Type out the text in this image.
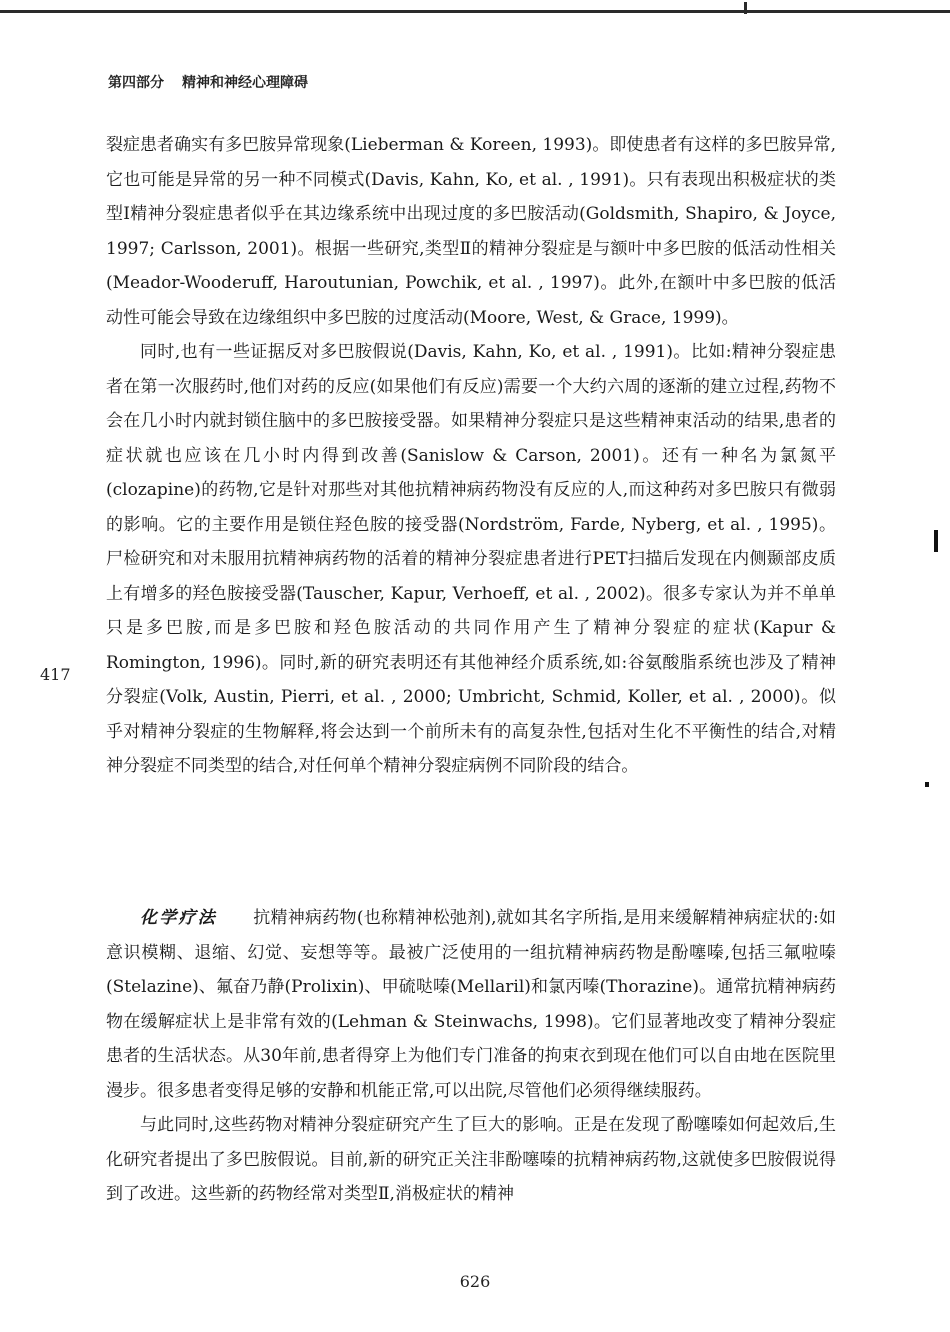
第四部分 精神和神经心理障碍

裂症患者确实有多巴胺异常现象(Lieberman & Koreen, 1993)。即使患者有这样的多巴胺异常,它也可能是异常的另一种不同模式(Davis, Kahn, Ko, et al. , 1991)。只有表现出积极症状的类型Ⅰ精神分裂症患者似乎在其边缘系统中出现过度的多巴胺活动(Goldsmith, Shapiro, & Joyce, 1997; Carlsson, 2001)。根据一些研究,类型Ⅱ的精神分裂症是与额叶中多巴胺的低活动性相关(Meador-Wooderuff, Haroutunian, Powchik, et al. , 1997)。此外,在额叶中多巴胺的低活动性可能会导致在边缘组织中多巴胺的过度活动(Moore, West, & Grace, 1999)。

同时,也有一些证据反对多巴胺假说(Davis, Kahn, Ko, et al. , 1991)。比如:精神分裂症患者在第一次服药时,他们对药的反应(如果他们有反应)需要一个大约六周的逐渐的建立过程,药物不会在几小时内就封锁住脑中的多巴胺接受器。如果精神分裂症只是这些精神束活动的结果,患者的症状就也应该在几小时内得到改善(Sanislow & Carson, 2001)。还有一种名为氯氮平(clozapine)的药物,它是针对那些对其他抗精神病药物没有反应的人,而这种药对多巴胺只有微弱的影响。它的主要作用是锁住羟色胺的接受器(Nordström, Farde, Nyberg, et al. , 1995)。尸检研究和对未服用抗精神病药物的活着的精神分裂症患者进行PET扫描后发现在内侧颞部皮质上有增多的羟色胺接受器(Tauscher, Kapur, Verhoeff, et al. , 2002)。很多专家认为并不单单只是多巴胺,而是多巴胺和羟色胺活动的共同作用产生了精神分裂症的症状(Kapur & Romington, 1996)。同时,新的研究表明还有其他神经介质系统,如:谷氨酸脂系统也涉及了精神分裂症(Volk, Austin, Pierri, et al. , 2000; Umbricht, Schmid, Koller, et al. , 2000)。似乎对精神分裂症的生物解释,将会达到一个前所未有的高复杂性,包括对生化不平衡性的结合,对精神分裂症不同类型的结合,对任何单个精神分裂症病例不同阶段的结合。

417

化学疗法 抗精神病药物(也称精神松弛剂),就如其名字所指,是用来缓解精神病症状的:如意识模糊、退缩、幻觉、妄想等等。最被广泛使用的一组抗精神病药物是酚噻嗪,包括三氟啦嗪(Stelazine)、氟奋乃静(Prolixin)、甲硫哒嗪(Mellaril)和氯丙嗪(Thorazine)。通常抗精神病药物在缓解症状上是非常有效的(Lehman & Steinwachs, 1998)。它们显著地改变了精神分裂症患者的生活状态。从30年前,患者得穿上为他们专门准备的拘束衣到现在他们可以自由地在医院里漫步。很多患者变得足够的安静和机能正常,可以出院,尽管他们必须得继续服药。

与此同时,这些药物对精神分裂症研究产生了巨大的影响。正是在发现了酚噻嗪如何起效后,生化研究者提出了多巴胺假说。目前,新的研究正关注非酚噻嗪的抗精神病药物,这就使多巴胺假说得到了改进。这些新的药物经常对类型Ⅱ,消极症状的精神

626
